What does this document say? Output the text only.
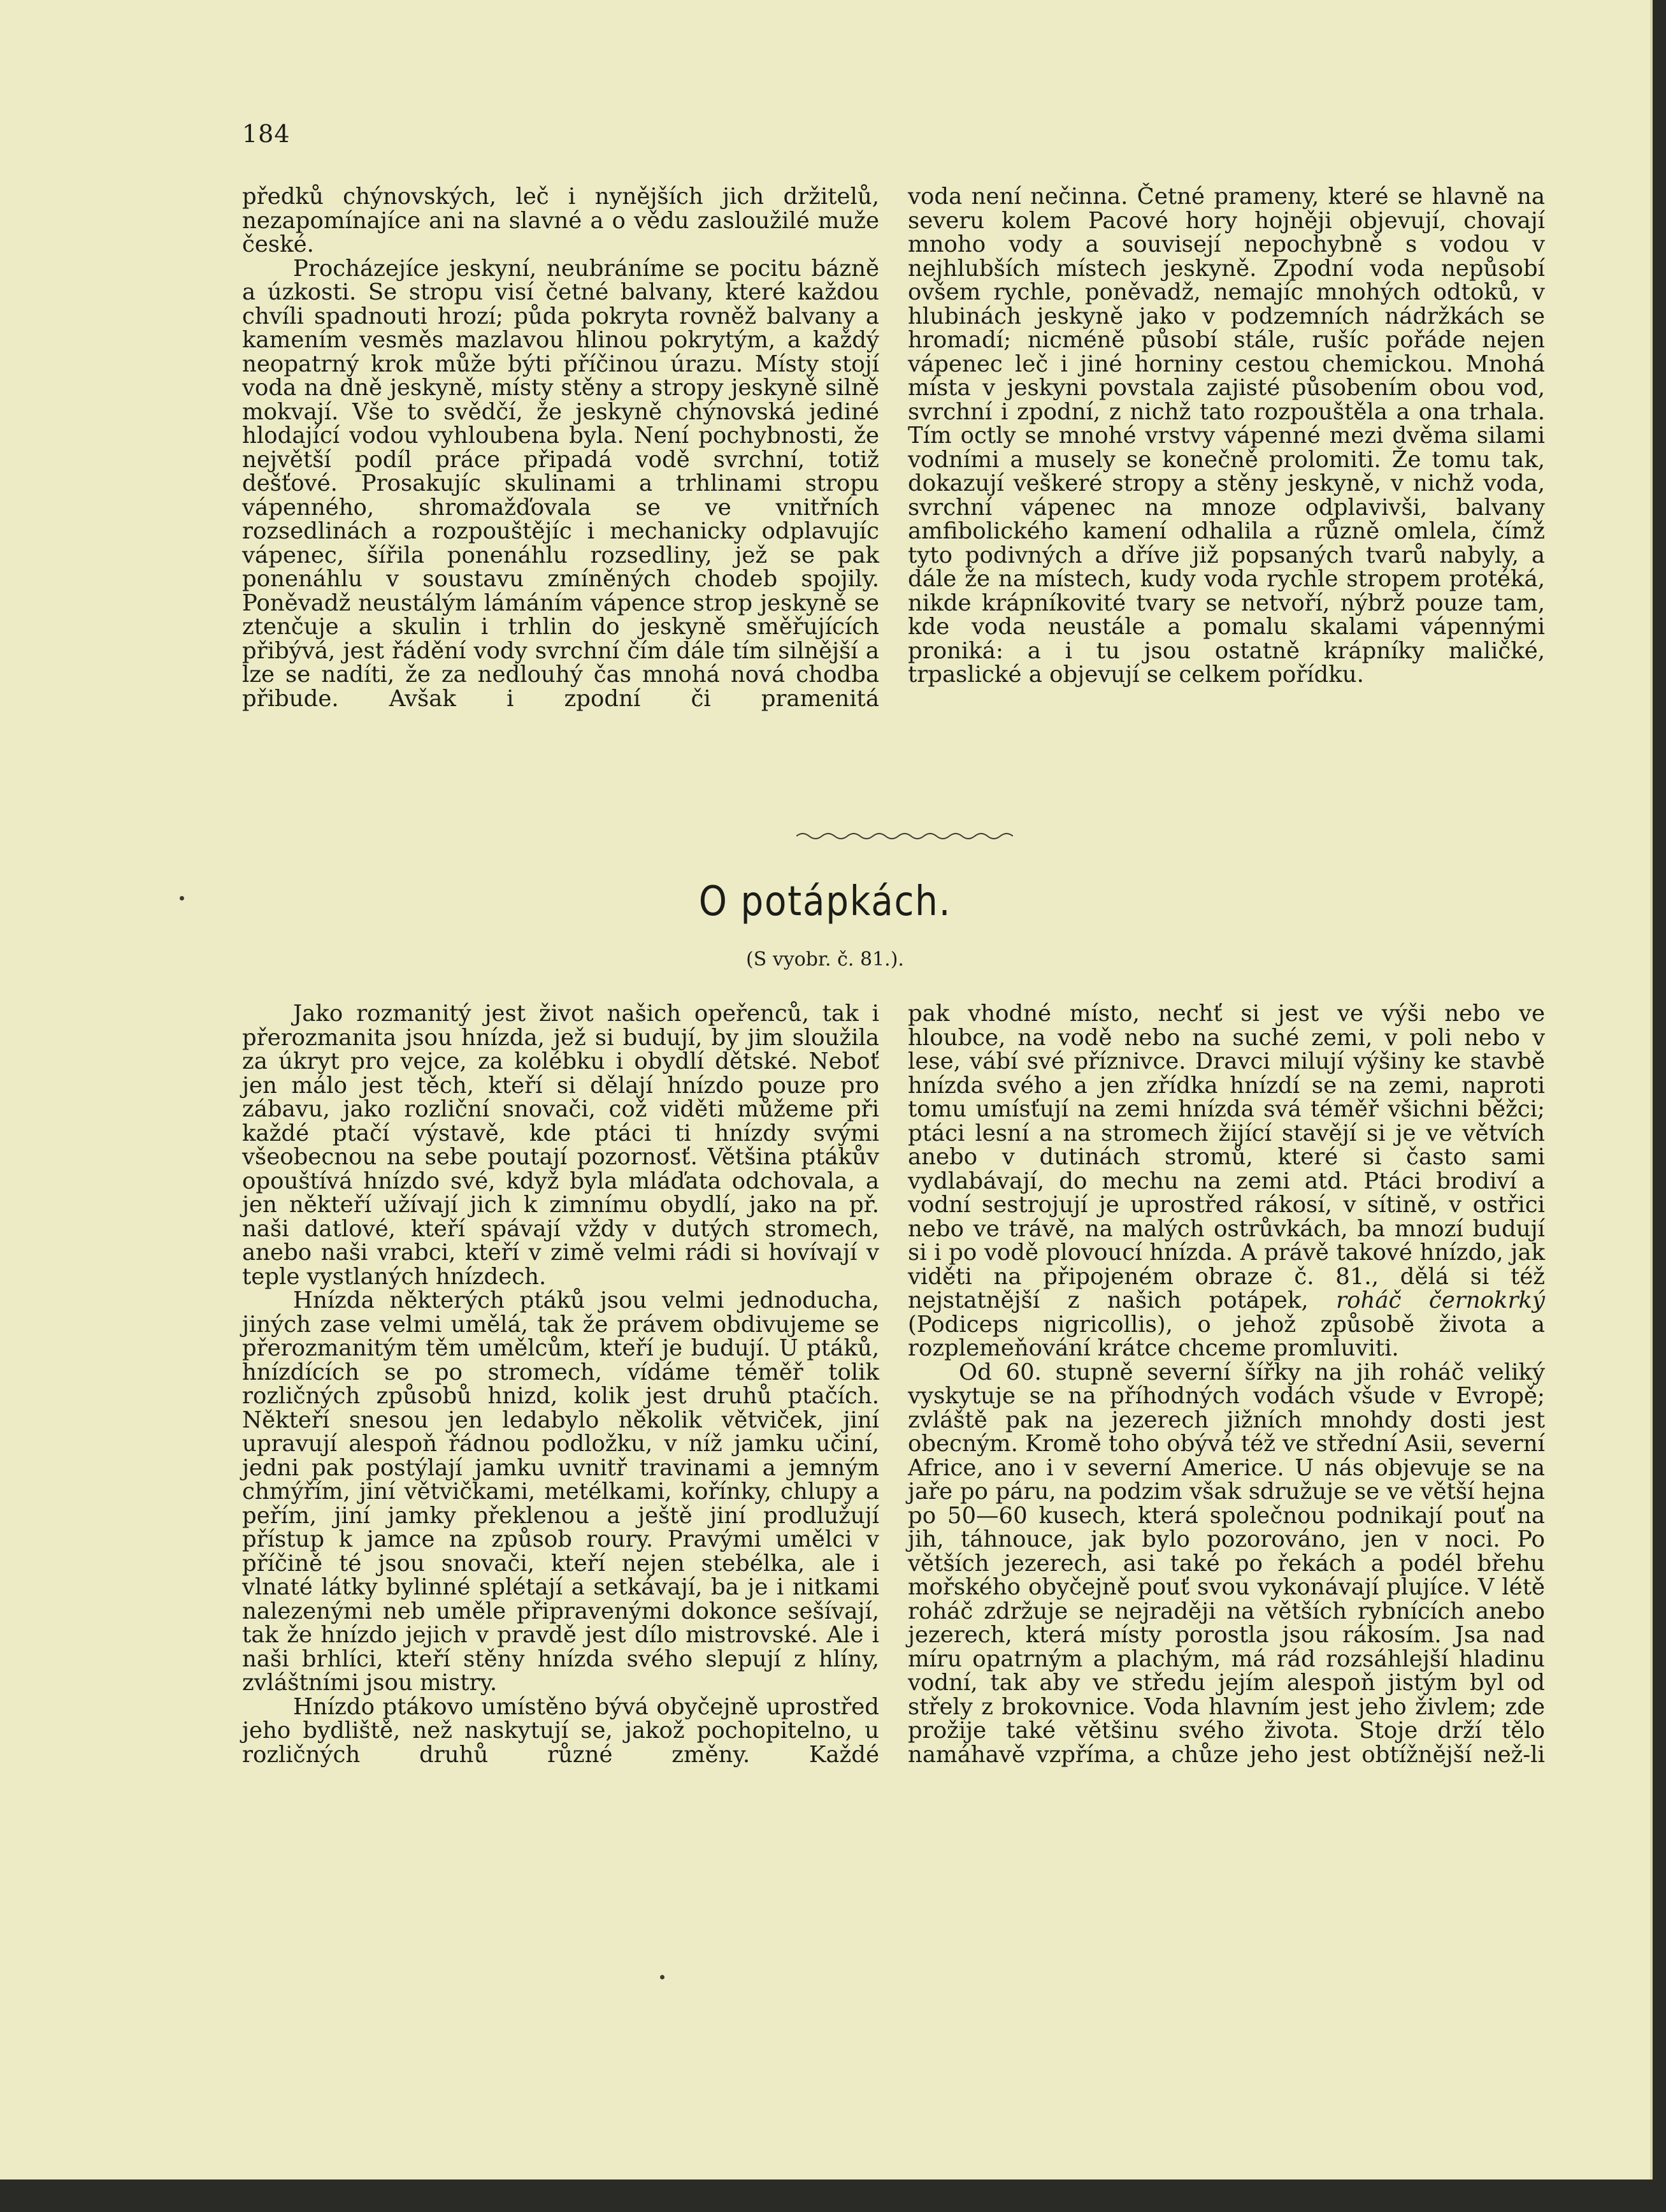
184

předků chýnovských, leč i nynějších jich držitelů, nezapomínajíce ani na slavné a o vědu zasloužilé muže české.

Procházejíce jeskyní, neubráníme se pocitu bázně a úzkosti. Se stropu visí četné balvany, které každou chvíli spadnouti hrozí; půda pokryta rovněž balvany a kamením vesměs mazlavou hlinou pokrytým, a každý neopatrný krok může býti příčinou úrazu. Místy stojí voda na dně jeskyně, místy stěny a stropy jeskyně silně mokvají. Vše to svědčí, že jeskyně chýnovská jediné hlodající vodou vyhloubena byla. Není pochybnosti, že největší podíl práce připadá vodě svrchní, totiž dešťové. Prosakujíc skulinami a trhlinami stropu vápenného, shromažďovala se ve vnitřních rozsedlinách a rozpouštějíc i mechanicky odplavujíc vápenec, šířila ponenáhlu rozsedliny, jež se pak ponenáhlu v soustavu zmíněných chodeb spojily. Poněvadž neustálým lámáním vápence strop jeskyně se ztenčuje a skulin i trhlin do jeskyně směřujících přibývá, jest řádění vody svrchní čím dále tím silnější a lze se nadíti, že za nedlouhý čas mnohá nová chodba přibude. Avšak i zpodní či pramenitá

voda není nečinna. Četné prameny, které se hlavně na severu kolem Pacové hory hojněji objevují, chovají mnoho vody a souvisejí nepochybně s vodou v nejhlubších místech jeskyně. Zpodní voda nepůsobí ovšem rychle, poněvadž, nemajíc mnohých odtoků, v hlubinách jeskyně jako v podzemních nádržkách se hromadí; nicméně působí stále, rušíc pořáde nejen vápenec leč i jiné horniny cestou chemickou. Mnohá místa v jeskyni povstala zajisté působením obou vod, svrchní i zpodní, z nichž tato rozpouštěla a ona trhala. Tím octly se mnohé vrstvy vápenné mezi dvěma silami vodními a musely se konečně prolomiti. Že tomu tak, dokazují veškeré stropy a stěny jeskyně, v nichž voda, svrchní vápenec na mnoze odplavivši, balvany amfibolického kamení odhalila a různě omlela, čímž tyto podivných a dříve již popsaných tvarů nabyly, a dále že na místech, kudy voda rychle stropem protéká, nikde krápníkovité tvary se netvoří, nýbrž pouze tam, kde voda neustále a pomalu skalami vápennými proniká: a i tu jsou ostatně krápníky maličké, trpaslické a objevují se celkem pořídku.

O potápkách.
(S vyobr. č. 81.).

Jako rozmanitý jest život našich opeřenců, tak i přerozmanita jsou hnízda, jež si budují, by jim sloužila za úkryt pro vejce, za kolébku i obydlí dětské. Neboť jen málo jest těch, kteří si dělají hnízdo pouze pro zábavu, jako rozliční snovači, což viděti můžeme při každé ptačí výstavě, kde ptáci ti hnízdy svými všeobecnou na sebe poutají pozornosť. Většina ptákův opouštívá hnízdo své, když byla mláďata odchovala, a jen někteří užívají jich k zimnímu obydlí, jako na př. naši datlové, kteří spávají vždy v dutých stromech, anebo naši vrabci, kteří v zimě velmi rádi si hovívají v teple vystlaných hnízdech.

Hnízda některých ptáků jsou velmi jednoducha, jiných zase velmi umělá, tak že právem obdivujeme se přerozmanitým těm umělcům, kteří je budují. U ptáků, hnízdících se po stromech, vídáme téměř tolik rozličných způsobů hnizd, kolik jest druhů ptačích. Někteří snesou jen ledabylo několik větviček, jiní upravují alespoň řádnou podložku, v níž jamku učiní, jedni pak postýlají jamku uvnitř travinami a jemným chmýřím, jiní větvičkami, metélkami, kořínky, chlupy a peřím, jiní jamky překlenou a ještě jiní prodlužují přístup k jamce na způsob roury. Pravými umělci v příčině té jsou snovači, kteří nejen stebélka, ale i vlnaté látky bylinné splétají a setkávají, ba je i nitkami nalezenými neb uměle připravenými dokonce sešívají, tak že hnízdo jejich v pravdě jest dílo mistrovské. Ale i naši brhlíci, kteří stěny hnízda svého slepují z hlíny, zvláštními jsou mistry.

Hnízdo ptákovo umístěno bývá obyčejně uprostřed jeho bydliště, než naskytují se, jakož pochopitelno, u rozličných druhů různé změny. Každé

pak vhodné místo, nechť si jest ve výši nebo ve hloubce, na vodě nebo na suché zemi, v poli nebo v lese, vábí své příznivce. Dravci milují výšiny ke stavbě hnízda svého a jen zřídka hnízdí se na zemi, naproti tomu umísťují na zemi hnízda svá téměř všichni běžci; ptáci lesní a na stromech žijící stavějí si je ve větvích anebo v dutinách stromů, které si často sami vydlabávají, do mechu na zemi atd. Ptáci brodiví a vodní sestrojují je uprostřed rákosí, v sítině, v ostřici nebo ve trávě, na malých ostrůvkách, ba mnozí budují si i po vodě plovoucí hnízda. A právě takové hnízdo, jak viděti na připojeném obraze č. 81., dělá si též nejstatnější z našich potápek, roháč černokrký (Podiceps nigricollis), o jehož způsobě života a rozplemeňování krátce chceme promluviti.

Od 60. stupně severní šířky na jih roháč veliký vyskytuje se na příhodných vodách všude v Evropě; zvláště pak na jezerech jižních mnohdy dosti jest obecným. Kromě toho obývá též ve střední Asii, severní Africe, ano i v severní Americe. U nás objevuje se na jaře po páru, na podzim však sdružuje se ve větší hejna po 50—60 kusech, která společnou podnikají pouť na jih, táhnouce, jak bylo pozorováno, jen v noci. Po větších jezerech, asi také po řekách a podél břehu mořského obyčejně pouť svou vykonávají plujíce. V létě roháč zdržuje se nejraději na větších rybnících anebo jezerech, která místy porostla jsou rákosím. Jsa nad míru opatrným a plachým, má rád rozsáhlejší hladinu vodní, tak aby ve středu jejím alespoň jistým byl od střely z brokovnice. Voda hlavním jest jeho živlem; zde prožije také většinu svého života. Stoje drží tělo namáhavě vzpříma, a chůze jeho jest obtížnější než-li
